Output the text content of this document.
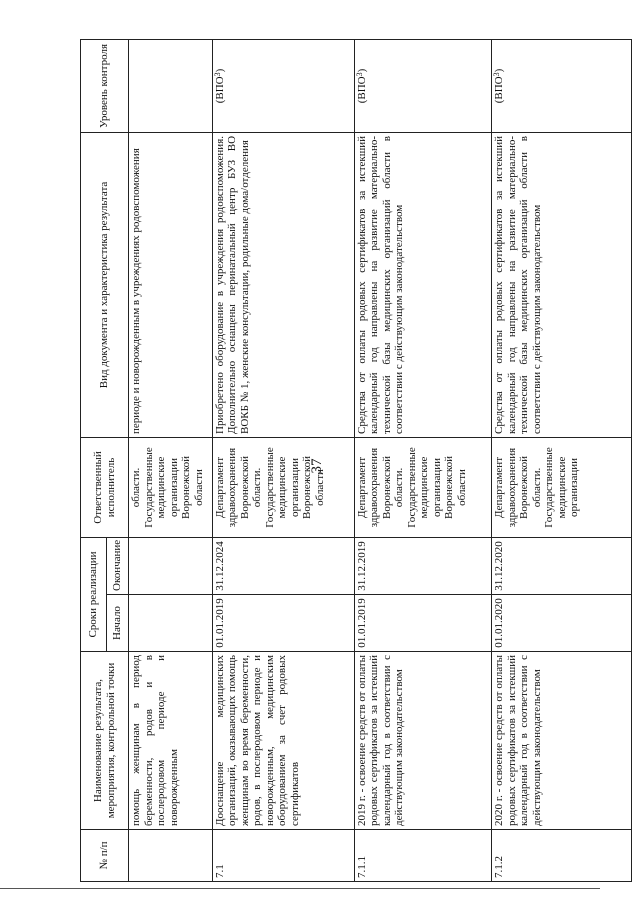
37
№ п/п	Наименование результата, мероприятия, контрольной точки	Сроки реализации		Ответственный исполнитель	Вид документа и характеристика результата	Уровень контроля
		Начало	Окончание			
	помощь женщинам в период беременности, родов и в послеродовом периоде и новорожденным			области. Государственные медицинские организации Воронежской области	периоде и новорожденным в учреждениях родовспоможения	
7.1	Дооснащение медицинских организаций, оказывающих помощь женщинам во время беременности, родов, в послеродовом периоде и новорожденным, медицинским оборудованием за счет родовых сертификатов	01.01.2019	31.12.2024	Департамент здравоохранения Воронежской области. Государственные медицинские организации Воронежской области	Приобретено оборудование в учреждения родовспоможения. Дополнительно оснащены перинатальный центр БУЗ ВО ВОКБ № 1, женские консультации, родильные дома/отделения	(ВПО$^3$)
7.1.1	2019 г. - освоение средств от оплаты родовых сертификатов за истекший календарный год в соответствии с действующим законодательством	01.01.2019	31.12.2019	Департамент здравоохранения Воронежской области. Государственные медицинские организации Воронежской области	Средства от оплаты родовых сертификатов за истекший календарный год направлены на развитие материально-технической базы медицинских организаций области в соответствии с действующим законодательством	(ВПО$^3$)
7.1.2	2020 г. - освоение средств от оплаты родовых сертификатов за истекший календарный год в соответствии с действующим законодательством	01.01.2020	31.12.2020	Департамент здравоохранения Воронежской области. Государственные медицинские организации	Средства от оплаты родовых сертификатов за истекший календарный год направлены на развитие материально-технической базы медицинских организаций области в соответствии с действующим законодательством	(ВПО$^3$)
